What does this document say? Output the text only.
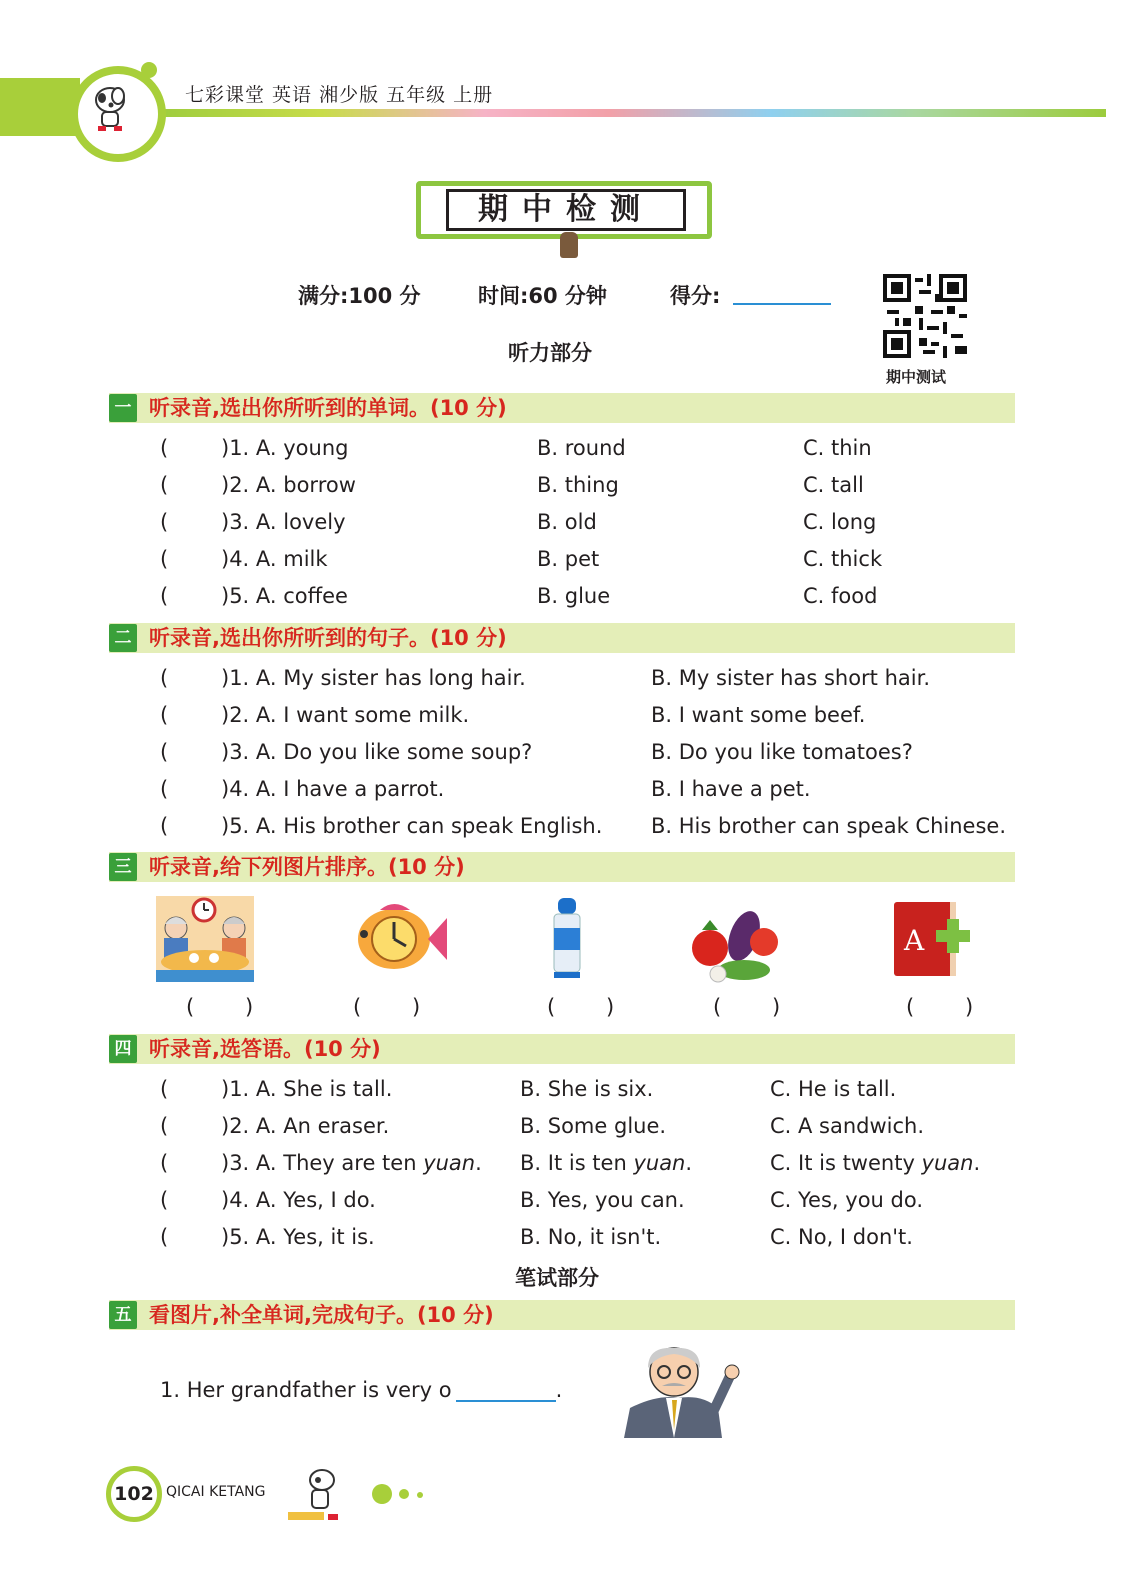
七彩课堂 英语 湘少版 五年级 上册
期中检测
满分:100 分	时间:60 分钟	得分:
期中测试
听力部分
一 听录音,选出你所听到的单词。(10 分)
(	)1. A. young	B. round	C. thin
(	)2. A. borrow	B. thing	C. tall
(	)3. A. lovely	B. old	C. long
(	)4. A. milk	B. pet	C. thick
(	)5. A. coffee	B. glue	C. food
二 听录音,选出你所听到的句子。(10 分)
(	)1. A. My sister has long hair.	B. My sister has short hair.
(	)2. A. I want some milk.	B. I want some beef.
(	)3. A. Do you like some soup?	B. Do you like tomatoes?
(	)4. A. I have a parrot.	B. I have a pet.
(	)5. A. His brother can speak English. B. His brother can speak Chinese.
三 听录音,给下列图片排序。(10 分)
A
( )	( )	( )	( )	( )
四 听录音,选答语。(10 分)
(	)1. A. She is tall.	B. She is six.	C. He is tall.
(	)2. A. An eraser.	B. Some glue.	C. A sandwich.
(	)3. A. They are ten yuan. B. It is ten yuan.	C. It is twenty yuan.
(	)4. A. Yes, I do.	B. Yes, you can.	C. Yes, you do.
(	)5. A. Yes, it is.	B. No, it isn't.	C. No, I don't.
笔试部分
五 看图片,补全单词,完成句子。(10 分)
1. Her grandfather is very o	.
102 QICAI KETANG
